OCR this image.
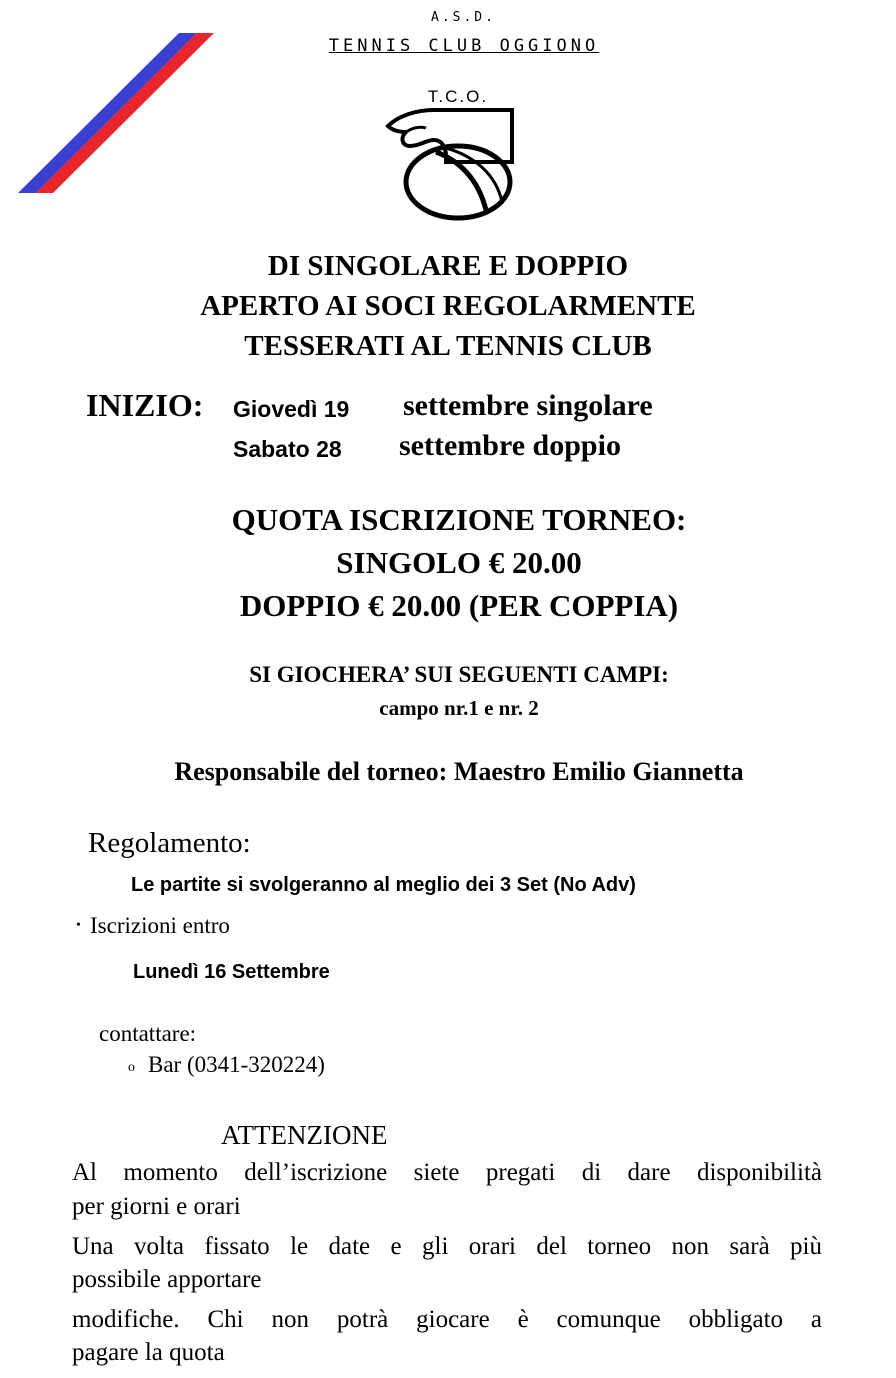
A.S.D.
TENNIS CLUB OGGIONO
T.C.O.
DI SINGOLARE E DOPPIO
APERTO AI SOCI REGOLARMENTE
TESSERATI AL TENNIS CLUB
INIZIO: Giovedì 19 settembre singolare
Sabato 28 settembre doppio
QUOTA ISCRIZIONE TORNEO:
SINGOLO € 20.00
DOPPIO € 20.00 (PER COPPIA)
SI GIOCHERA’ SUI SEGUENTI CAMPI:
campo nr.1 e nr. 2
Responsabile del torneo: Maestro Emilio Giannetta
Regolamento:
Le partite si svolgeranno al meglio dei 3 Set (No Adv)
• Iscrizioni entro
Lunedì 16 Settembre
contattare:
o Bar (0341-320224)
ATTENZIONE
Al momento dell’iscrizione siete pregati di dare disponibilità
per giorni e orari
Una volta fissato le date e gli orari del torneo non sarà più
possibile apportare
modifiche. Chi non potrà giocare è comunque obbligato a
pagare la quota
